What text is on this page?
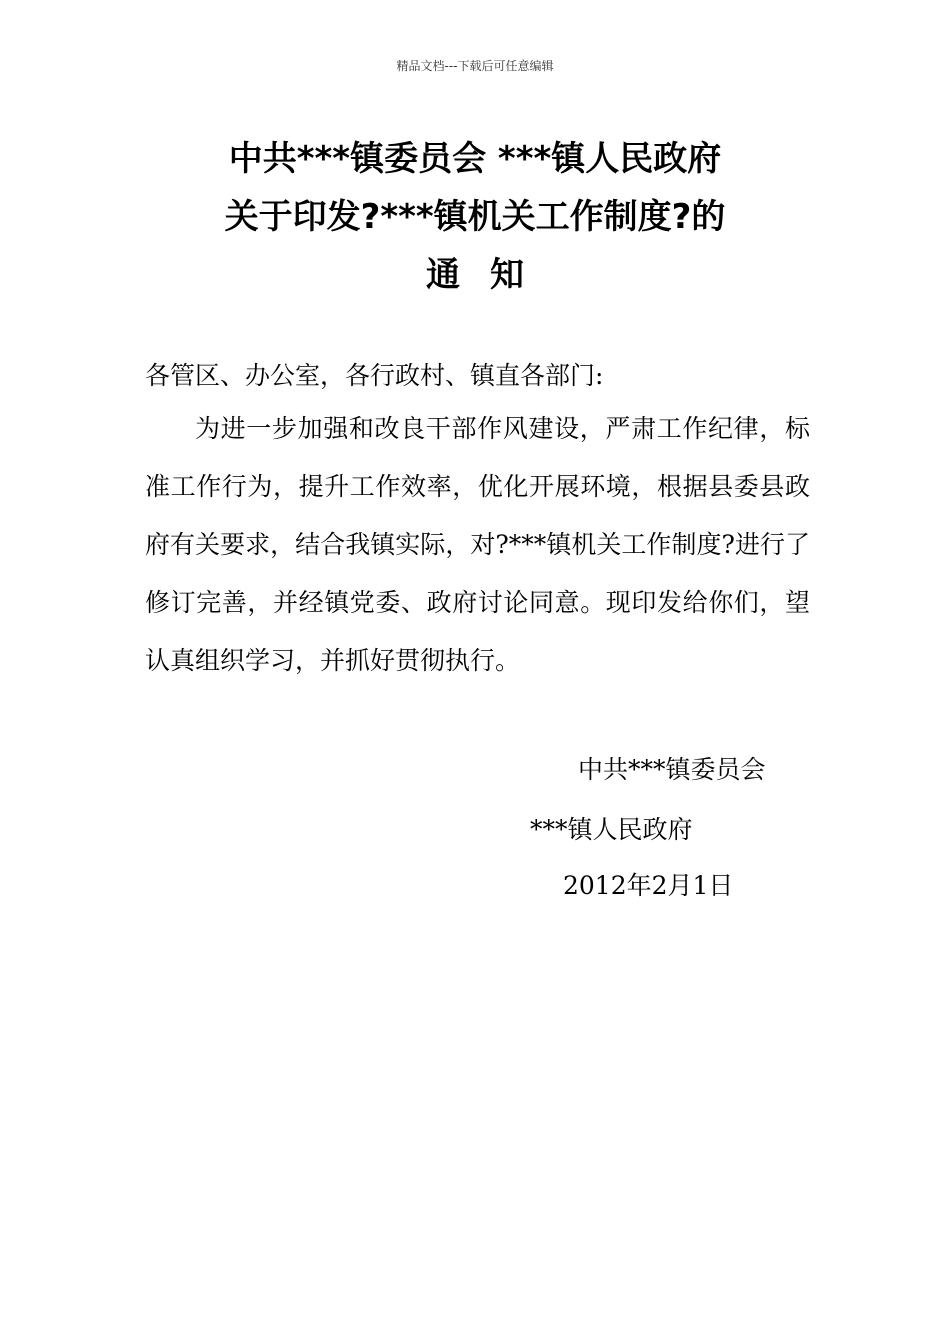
精品文档---下载后可任意编辑
中共***镇委员会 ***镇人民政府
关于印发?***镇机关工作制度?的
通知
各管区、办公室，各行政村、镇直各部门:
为进一步加强和改良干部作风建设，严肃工作纪律，标准工作行为，提升工作效率，优化开展环境，根据县委县政府有关要求，结合我镇实际，对?***镇机关工作制度?进行了修订完善，并经镇党委、政府讨论同意。现印发给你们，望认真组织学习，并抓好贯彻执行。
中共***镇委员会
***镇人民政府
2012年2月1日
